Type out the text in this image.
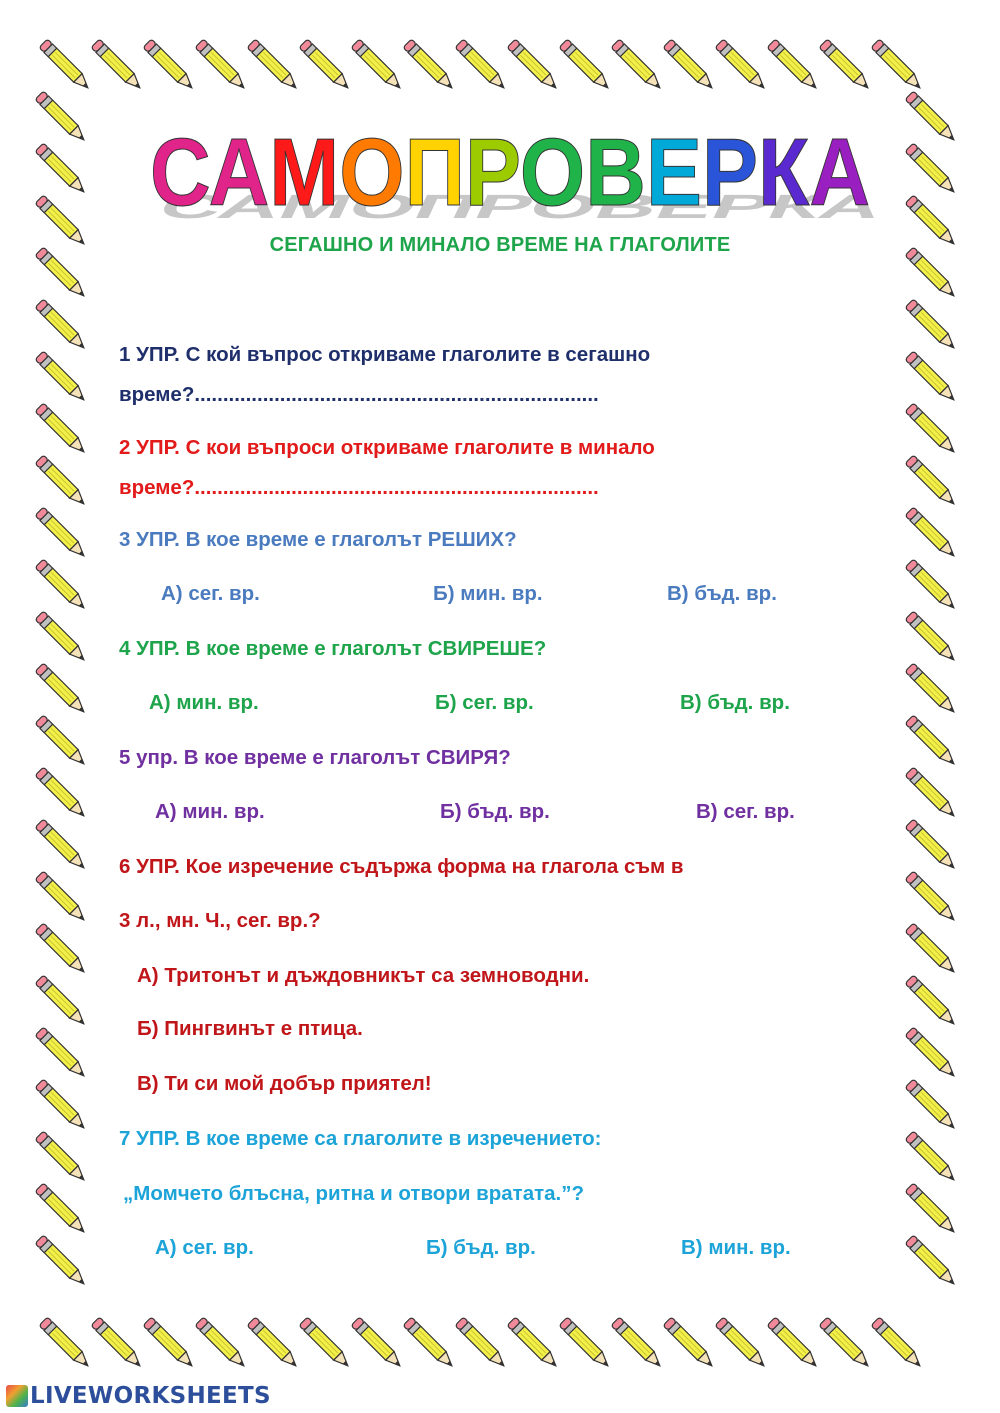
САМОПРОВЕРКА
САМОПРОВЕРКА
СЕГАШНО И МИНАЛО ВРЕМЕ НА ГЛАГОЛИТЕ
1 УПР. С кой въпрос откриваме глаголите в сегашно
време?.......................................................................
2 УПР. С кои въпроси откриваме глаголите в минало
време?.......................................................................
3 УПР. В кое време е глаголът РЕШИХ?
А) сег. вр.	Б) мин. вр.	В) бъд. вр.
4 УПР. В кое време е глаголът СВИРЕШЕ?
А) мин. вр.	Б) сег. вр.	В) бъд. вр.
5 упр. В кое време е глаголът СВИРЯ?
А) мин. вр.	Б) бъд. вр.	В) сег. вр.
6 УПР. Кое изречение съдържа форма на глагола съм в
3 л., мн. Ч., сег. вр.?
А) Тритонът и дъждовникът са земноводни.
Б) Пингвинът е птица.
В) Ти си мой добър приятел!
7 УПР. В кое време са глаголите в изречението:
„Момчето блъсна, ритна и отвори вратата.”?
А) сег. вр.	Б) бъд. вр.	В) мин. вр.
LIVEWORKSHEETS
